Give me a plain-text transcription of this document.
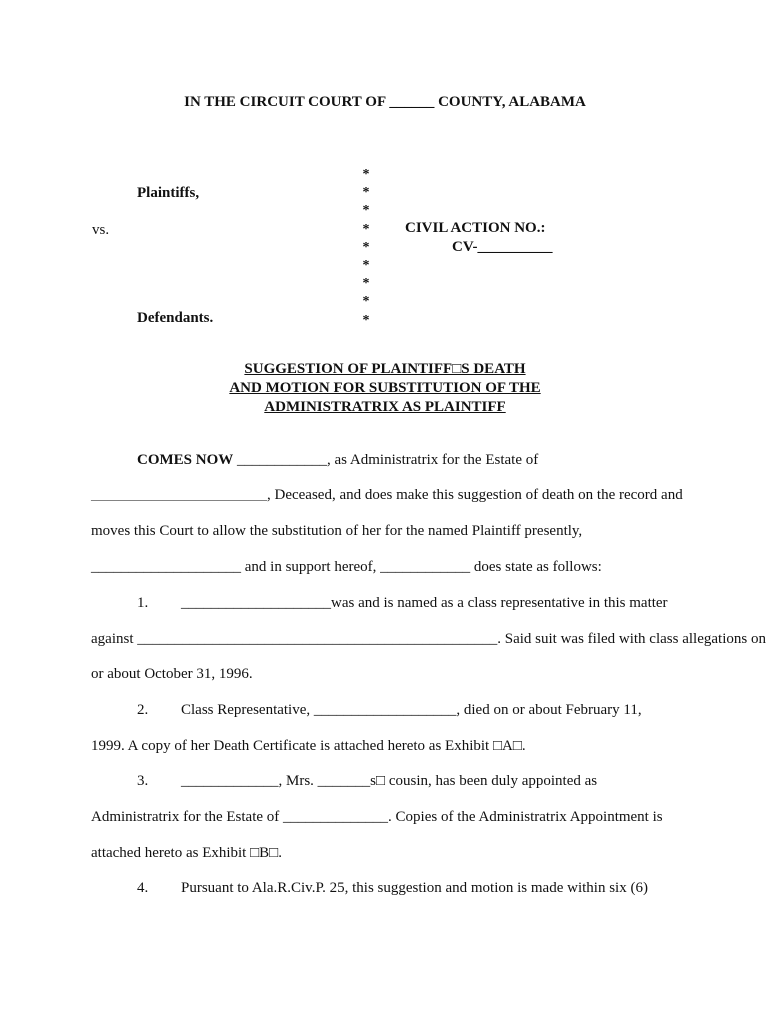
IN THE CIRCUIT COURT OF ______ COUNTY, ALABAMA
Plaintiffs,
vs.
Defendants.
*
*
*
*
*
*
*
*
*
CIVIL ACTION NO.:
CV-__________
SUGGESTION OF PLAINTIFF□S DEATH
AND MOTION FOR SUBSTITUTION OF THE
ADMINISTRATRIX AS PLAINTIFF
COMES NOW ____________, as Administratrix for the Estate of
________________________________, Deceased, and does make this suggestion of death on the record and
moves this Court to allow the substitution of her for the named Plaintiff presently,
____________________ and in support hereof, ____________ does state as follows:
1. ____________________was and is named as a class representative in this matter
against ________________________________________________. Said suit was filed with class allegations on
or about October 31, 1996.
2. Class Representative, ___________________, died on or about February 11,
1999. A copy of her Death Certificate is attached hereto as Exhibit □A□.
3. _____________, Mrs. _______s□ cousin, has been duly appointed as
Administratrix for the Estate of ______________. Copies of the Administratrix Appointment is
attached hereto as Exhibit □B□.
4. Pursuant to Ala.R.Civ.P. 25, this suggestion and motion is made within six (6)
